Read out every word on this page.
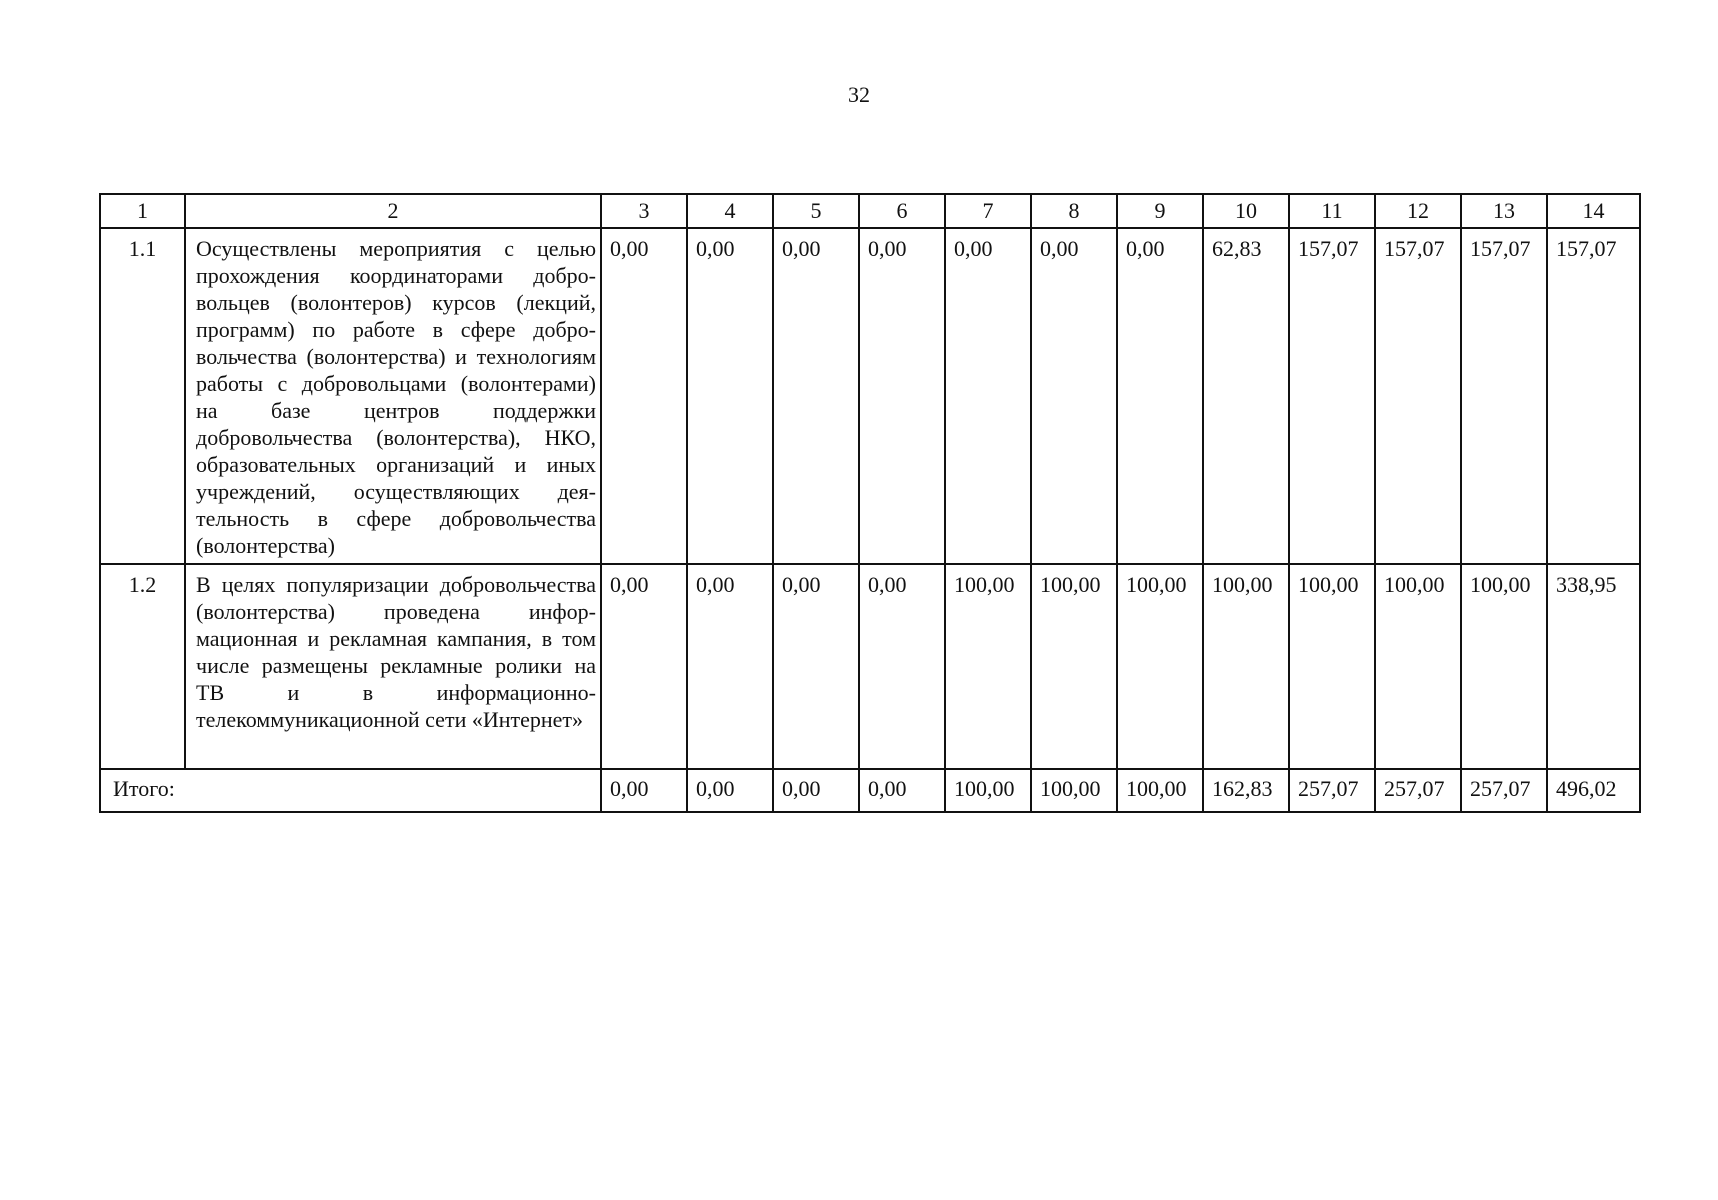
32
1	2	3	4	5	6	7	8	9	10	11	12	13	14
1.1	Осуществлены мероприятия с целью прохождения координаторами добровольцев (волонтеров) курсов (лекций, программ) по работе в сфере добровольчества (волонтерства) и технологиям работы с добровольцами (волонтерами) на базе центров поддержки добровольчества (волонтерства), НКО, образовательных организаций и иных учреждений, осуществляющих деятельность в сфере добровольчества (волонтерства)	0,00	0,00	0,00	0,00	0,00	0,00	0,00	62,83	157,07	157,07	157,07	157,07
1.2	В целях популяризации добровольчества (волонтерства) проведена информационная и рекламная кампания, в том числе размещены рекламные ролики на ТВ и в информационно-телекоммуникационной сети «Интернет»	0,00	0,00	0,00	0,00	100,00	100,00	100,00	100,00	100,00	100,00	100,00	338,95
Итого:		0,00	0,00	0,00	0,00	100,00	100,00	100,00	162,83	257,07	257,07	257,07	496,02
